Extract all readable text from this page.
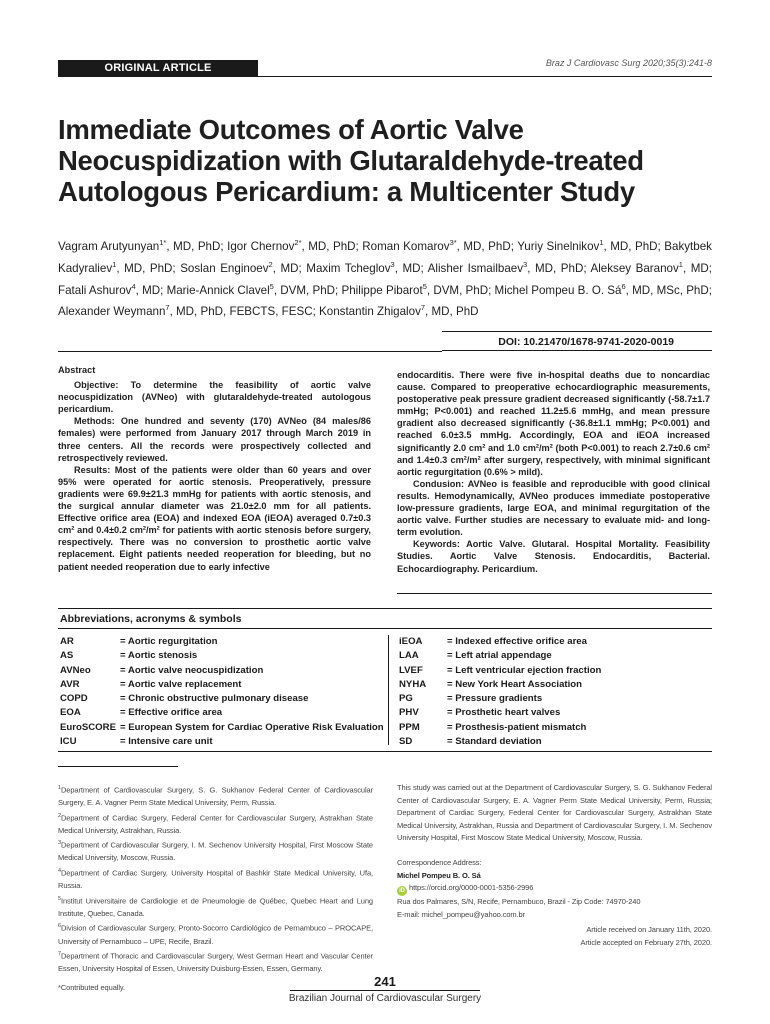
ORIGINAL ARTICLE	Braz J Cardiovasc Surg 2020;35(3):241-8
Immediate Outcomes of Aortic Valve Neocuspidization with Glutaraldehyde-treated Autologous Pericardium: a Multicenter Study
Vagram Arutyunyan$^{1*}$, MD, PhD; Igor Chernov$^{2*}$, MD, PhD; Roman Komarov$^{3*}$, MD, PhD; Yuriy Sinelnikov$^1$, MD, PhD; Bakytbek Kadyraliev$^1$, MD, PhD; Soslan Enginoev$^2$, MD; Maxim Tcheglov$^3$, MD; Alisher Ismailbaev$^3$, MD, PhD; Aleksey Baranov$^1$, MD; Fatali Ashurov$^4$, MD; Marie-Annick Clavel$^5$, DVM, PhD; Philippe Pibarot$^5$, DVM, PhD; Michel Pompeu B. O. $Sá^6$, MD, MSc, PhD; Alexander Weymann$^7$, MD, PhD, FEBCTS, FESC; Konstantin Zhigalov$^7$, MD, PhD
DOI: 10.21470/1678-9741-2020-0019
Abstract

Objective: To determine the feasibility of aortic valve neocuspidization (AVNeo) with glutaraldehyde-treated autologous pericardium.

Methods: One hundred and seventy (170) AVNeo (84 males/86 females) were performed from January 2017 through March 2019 in three centers. All the records were prospectively collected and retrospectively reviewed.

Results: Most of the patients were older than 60 years and over 95% were operated for aortic stenosis. Preoperatively, pressure gradients were 69.9±21.3 mmHg for patients with aortic stenosis, and the surgical annular diameter was 21.0±2.0 mm for all patients. Effective orifice area (EOA) and indexed EOA (iEOA) averaged 0.7±0.3 cm² and 0.4±0.2 cm²/m² for patients with aortic stenosis before surgery, respectively. There was no conversion to prosthetic aortic valve replacement. Eight patients needed reoperation for bleeding, but no patient needed reoperation due to early infective

endocarditis. There were five in-hospital deaths due to noncardiac cause. Compared to preoperative echocardiographic measurements, postoperative peak pressure gradient decreased significantly (-58.7±1.7 mmHg; P<0.001) and reached 11.2±5.6 mmHg, and mean pressure gradient also decreased significantly (-36.8±1.1 mmHg; P<0.001) and reached 6.0±3.5 mmHg. Accordingly, EOA and iEOA increased significantly 2.0 cm² and 1.0 cm²/m² (both P<0.001) to reach 2.7±0.6 cm² and 1.4±0.3 cm²/m² after surgery, respectively, with minimal significant aortic regurgitation (0.6% > mild).

Condusion: AVNeo is feasible and reproducible with good clinical results. Hemodynamically, AVNeo produces immediate postoperative low-pressure gradients, large EOA, and minimal regurgitation of the aortic valve. Further studies are necessary to evaluate mid- and long-term evolution.

Keywords: Aortic Valve. Glutaral. Hospital Mortality. Feasibility Studies. Aortic Valve Stenosis. Endocarditis, Bacterial. Echocardiography. Pericardium.

Abbreviations, acronyms & symbols
AR	= Aortic regurgitation
AS	= Aortic stenosis
AVNeo	= Aortic valve neocuspidization
AVR	= Aortic valve replacement
COPD	= Chronic obstructive pulmonary disease
EOA	= Effective orifice area
EuroSCORE = European System for Cardiac Operative Risk Evaluation
ICU	= Intensive care unit
iEOA	= Indexed effective orifice area
LAA	= Left atrial appendage
LVEF	= Left ventricular ejection fraction
NYHA = New York Heart Association
PG	= Pressure gradients
PHV	= Prosthetic heart valves
PPM	= Prosthesis-patient mismatch
SD	= Standard deviation
$^1$Department of Cardiovascular Surgery, S. G. Sukhanov Federal Center of Cardiovascular Surgery, E. A. Vagner Perm State Medical University, Perm, Russia.
$^2$Department of Cardiac Surgery, Federal Center for Cardiovascular Surgery, Astrakhan State Medical University, Astrakhan, Russia.
$^3$Department of Cardiovascular Surgery, I. M. Sechenov University Hospital, First Moscow State Medical University, Moscow, Russia.
$^4$Department of Cardiac Surgery, University Hospital of Bashkir State Medical University, Ufa, Russia.
$^5$Institut Universitaire de Cardiologie et de Pneumologie de Québec, Quebec Heart and Lung Institute, Quebec, Canada.
$^6$Division of Cardiovascular Surgery, Pronto-Socorro Cardiológico de Pernambuco – PROCAPE, University of Pernambuco – UPE, Recife, Brazil.
$^7$Department of Thoracic and Cardiovascular Surgery, West German Heart and Vascular Center Essen, University Hospital of Essen, University Duisburg-Essen, Essen, Germany.
*Contributed equally.
This study was carried out at the Department of Cardiovascular Surgery, S. G. Sukhanov Federal Center of Cardiovascular Surgery, E. A. Vagner Perm State Medical University, Perm, Russia; Department of Cardiac Surgery, Federal Center for Cardiovascular Surgery, Astrakhan State Medical University, Astrakhan, Russia and Department of Cardiovascular Surgery, I. M. Sechenov University Hospital, First Moscow State Medical University, Moscow, Russia.
Correspondence Address:
Michel Pompeu B. O. Sá
iD https://orcid.org/0000-0001-5356-2996
Rua dos Palmares, S/N, Recife, Pernambuco, Brazil - Zip Code: 74970-240
E-mail: michel_pompeu@yahoo.com.br
Article received on January 11th, 2020.
Article accepted on February 27th, 2020.
241
Brazilian Journal of Cardiovascular Surgery
